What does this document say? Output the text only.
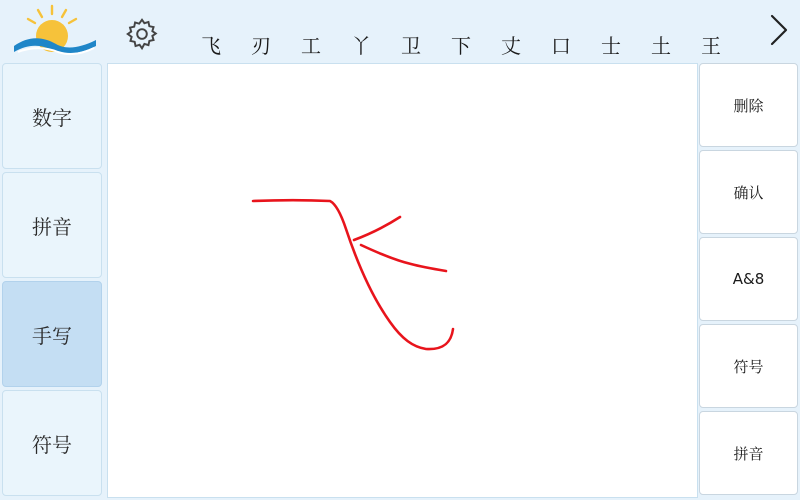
飞	刃	工	丫	卫	下	丈	口	士	土	王
数字
拼音
手写
符号
删除
确认
A&8
符号
拼音
